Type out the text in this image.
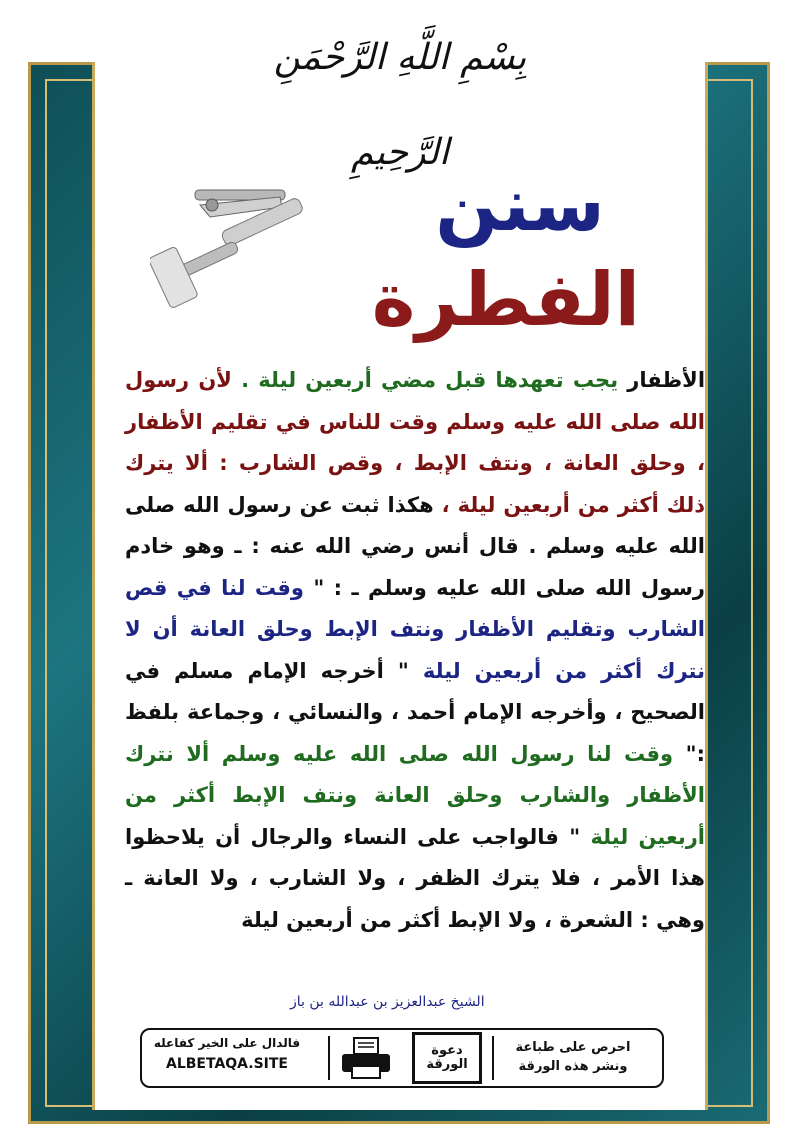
بِسْمِ اللَّهِ الرَّحْمَنِ الرَّحِيمِ
سنن
الفطرة
الأظفار يجب تعهدها قبل مضي أربعين ليلة . لأن رسول الله صلى الله عليه وسلم وقت للناس في تقليم الأظفار ، وحلق العانة ، ونتف الإبط ، وقص الشارب : ألا يترك ذلك أكثر من أربعين ليلة ، هكذا ثبت عن رسول الله صلى الله عليه وسلم . قال أنس رضي الله عنه : ـ وهو خادم رسول الله صلى الله عليه وسلم ـ : " وقت لنا في قص الشارب وتقليم الأظفار ونتف الإبط وحلق العانة أن لا نترك أكثر من أربعين ليلة " أخرجه الإمام مسلم في الصحيح ، وأخرجه الإمام أحمد ، والنسائي ، وجماعة بلفظ :" وقت لنا رسول الله صلى الله عليه وسلم ألا نترك الأظفار والشارب وحلق العانة ونتف الإبط أكثر من أربعين ليلة " فالواجب على النساء والرجال أن يلاحظوا هذا الأمر ، فلا يترك الظفر ، ولا الشارب ، ولا العانة ـ وهي : الشعرة ، ولا الإبط أكثر من أربعين ليلة
الشيخ عبدالعزيز بن عبدالله بن باز
فالدال على الخير كفاعله
ALBETAQA.SITE
دعوة الورقة
احرص على طباعة
ونشر هذه الورقة
